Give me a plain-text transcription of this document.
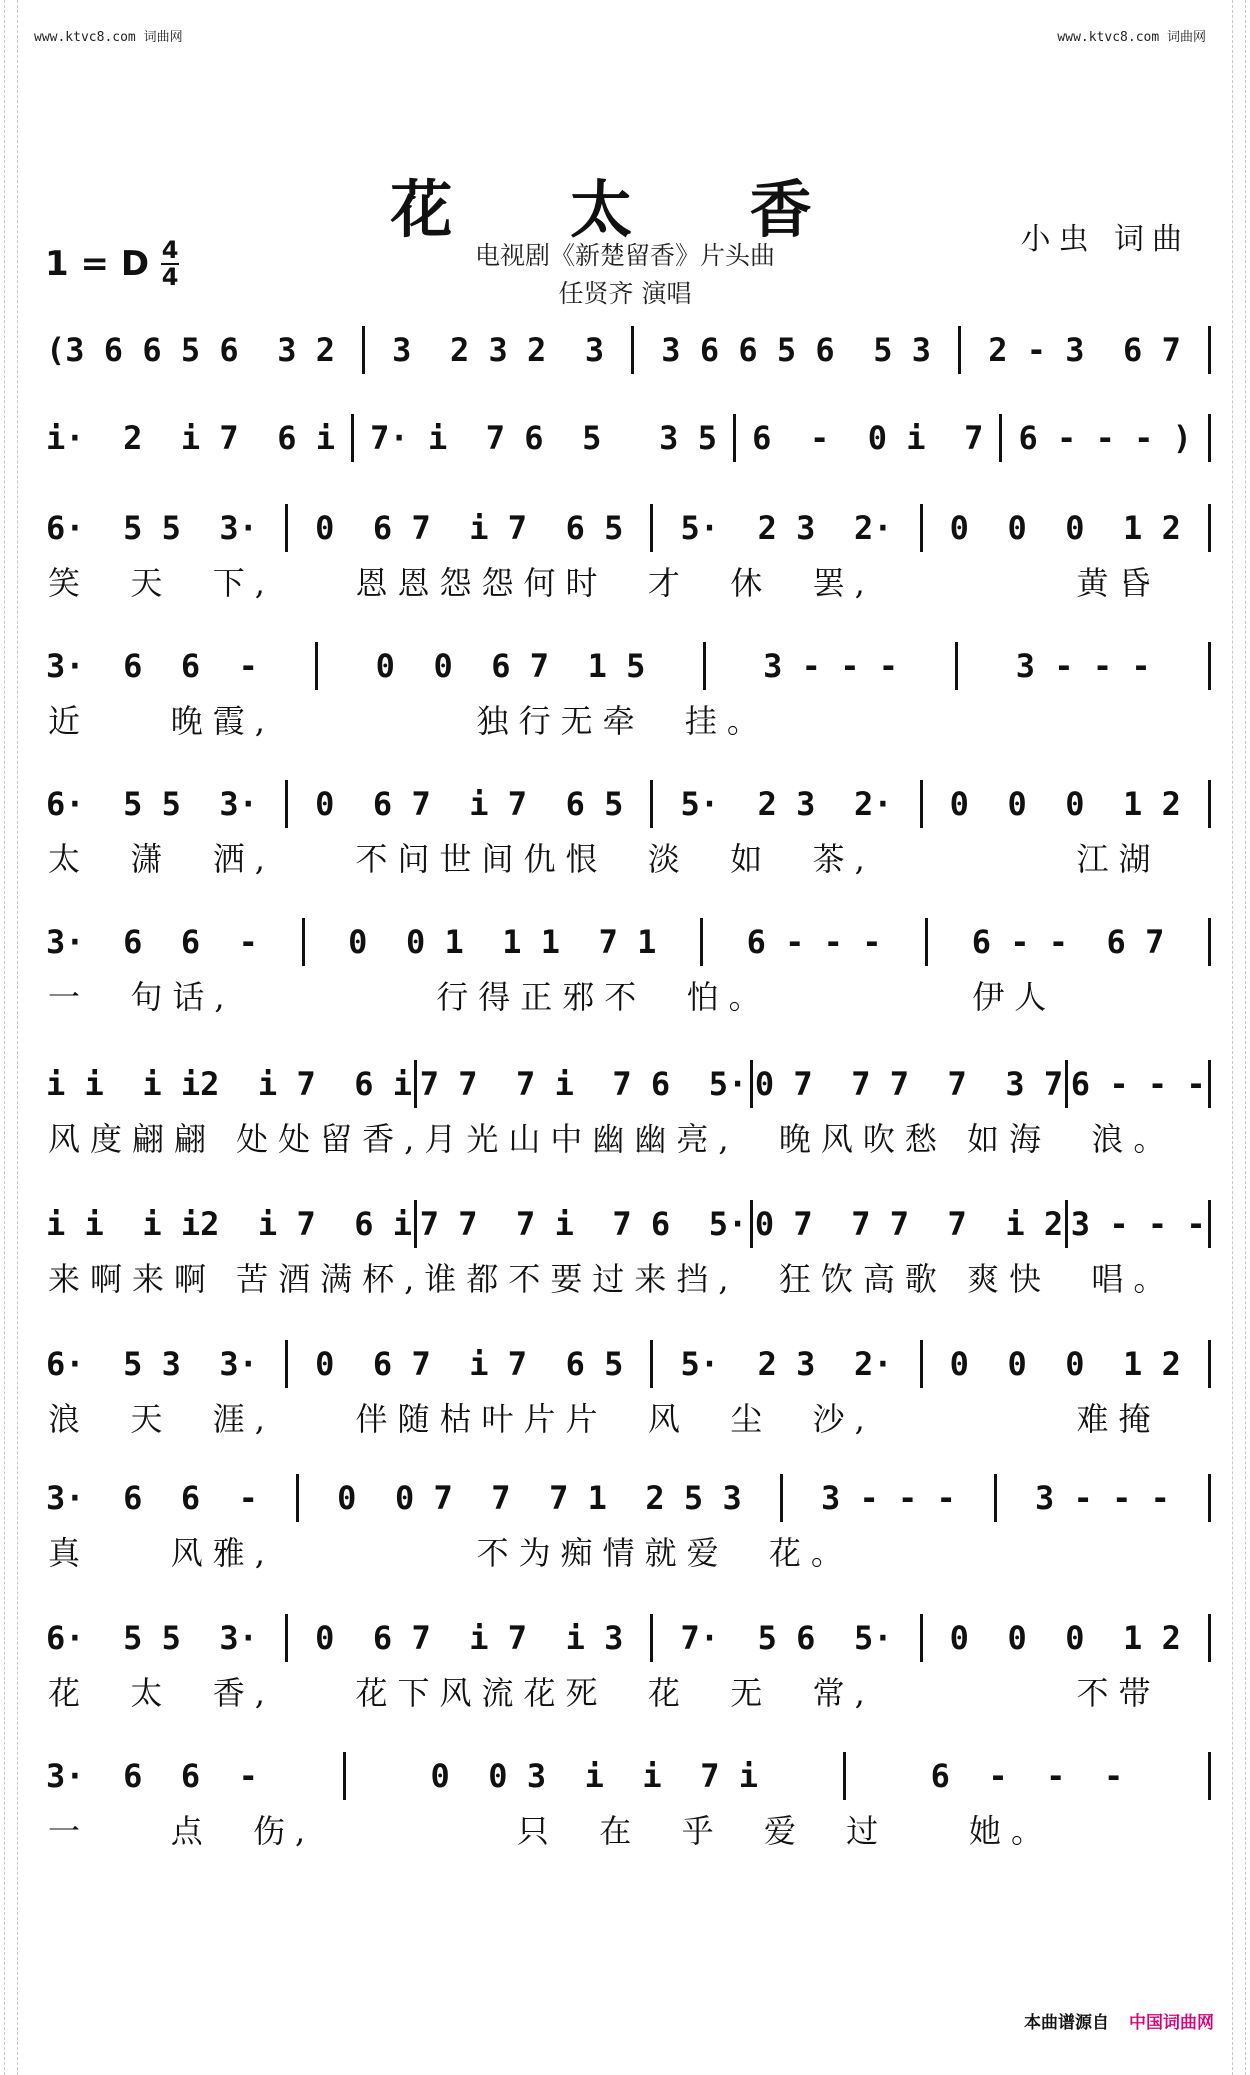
www.ktvc8.com 词曲网	www.ktvc8.com 词曲网
花 太 香
电视剧《新楚留香》片头曲
任贤齐 演唱
小虫 词曲
1 = D $\frac{4}{4}$
(3 6 6 5 6  3 2 3  2 3 2  3 3 6 6 5 6  5 3 2 - 3  6 7
i·  2  i 7  6 i 7· i  7 6  5   3 5 6  -  0 i  7 6 - - - )
6·  5 5  3· 0  6 7  i 7  6 5 5·  2 3  2· 0  0  0  1 2
笑  天  下,    恩恩怨怨何时  才  休  罢,          黄昏
3·  6  6  -	0  0  6 7  1 5	3 - - -	3 - - -
近    晚霞,          独行无牵  挂。
6·  5 5  3· 0  6 7  i 7  6 5 5·  2 3  2· 0  0  0  1 2
太  潇  洒,    不问世间仇恨  淡  如  茶,          江湖
3·  6  6  -	0  0 1  1 1  7 1	6 - - -	6 - -  6 7
一  句话,          行得正邪不  怕。          伊人
i i  i i2  i 7  6 i 7 7  7 i  7 6  5· 0 7  7 7  7  3 7 6 - - -
风度翩翩 处处留香,月光山中幽幽亮,  晚风吹愁 如海  浪。
i i  i i2  i 7  6 i 7 7  7 i  7 6  5· 0 7  7 7  7  i 2 3 - - -
来啊来啊 苦酒满杯,谁都不要过来挡,  狂饮高歌 爽快  唱。
6·  5 3  3· 0  6 7  i 7  6 5 5·  2 3  2· 0  0  0  1 2
浪  天  涯,    伴随枯叶片片  风  尘  沙,          难掩
3·  6  6  - 0  0 7  7  7 1  2 5 3 3 - - - 3 - - -
真    风雅,          不为痴情就爱  花。
6·  5 5  3· 0  6 7  i 7  i 3 7·  5 6  5· 0  0  0  1 2
花  太  香,    花下风流花死  花  无  常,          不带
3·  6  6  -	0  0 3  i  i  7 i	6  -  -  -
一    点  伤,          只  在  乎  爱  过    她。
本曲谱源自 中国词曲网
